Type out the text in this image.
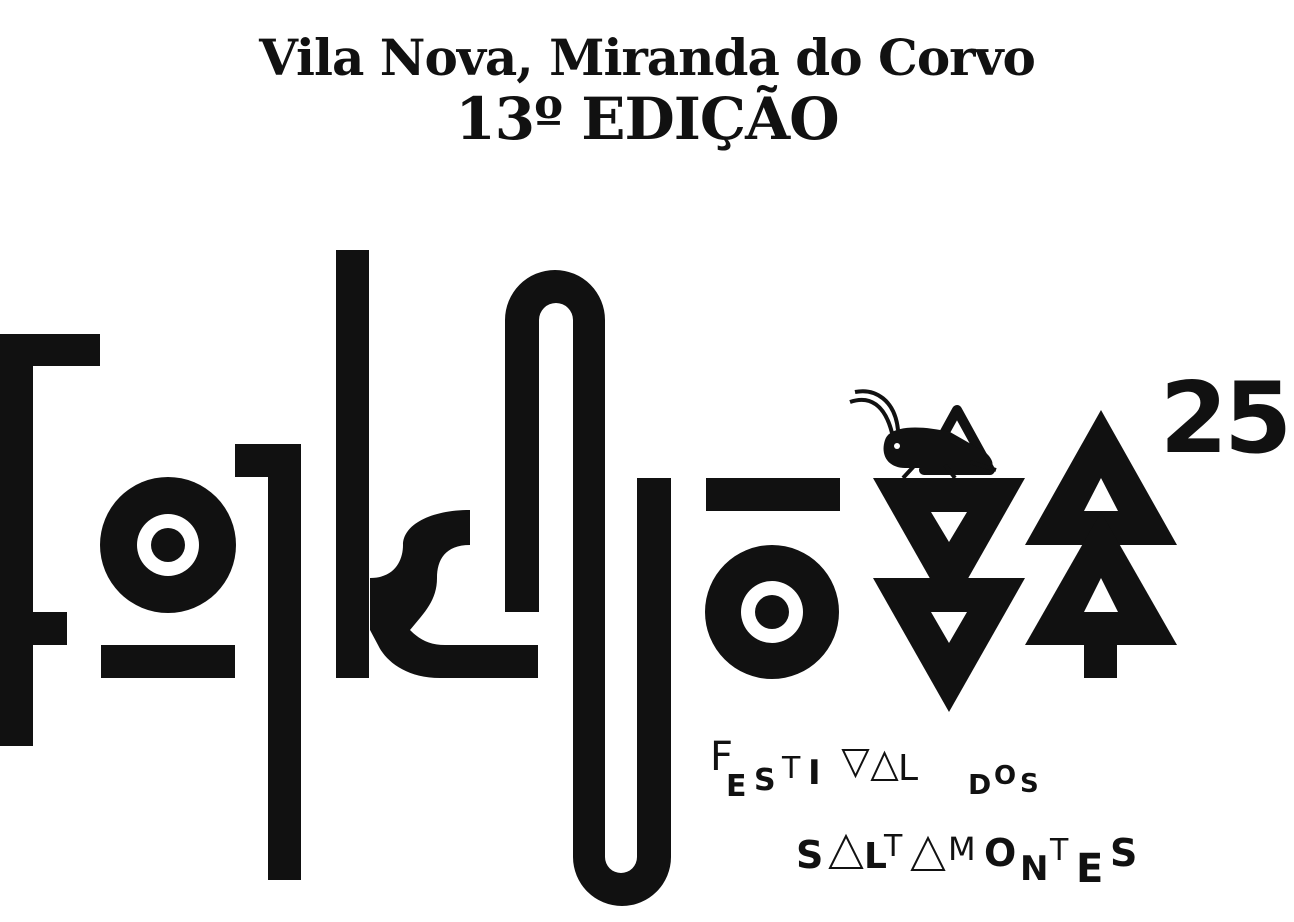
Vila Nova, Miranda do Corvo
13º EDIÇÃO
25
F
E S T I L D O S
S L
T M O N T E S
